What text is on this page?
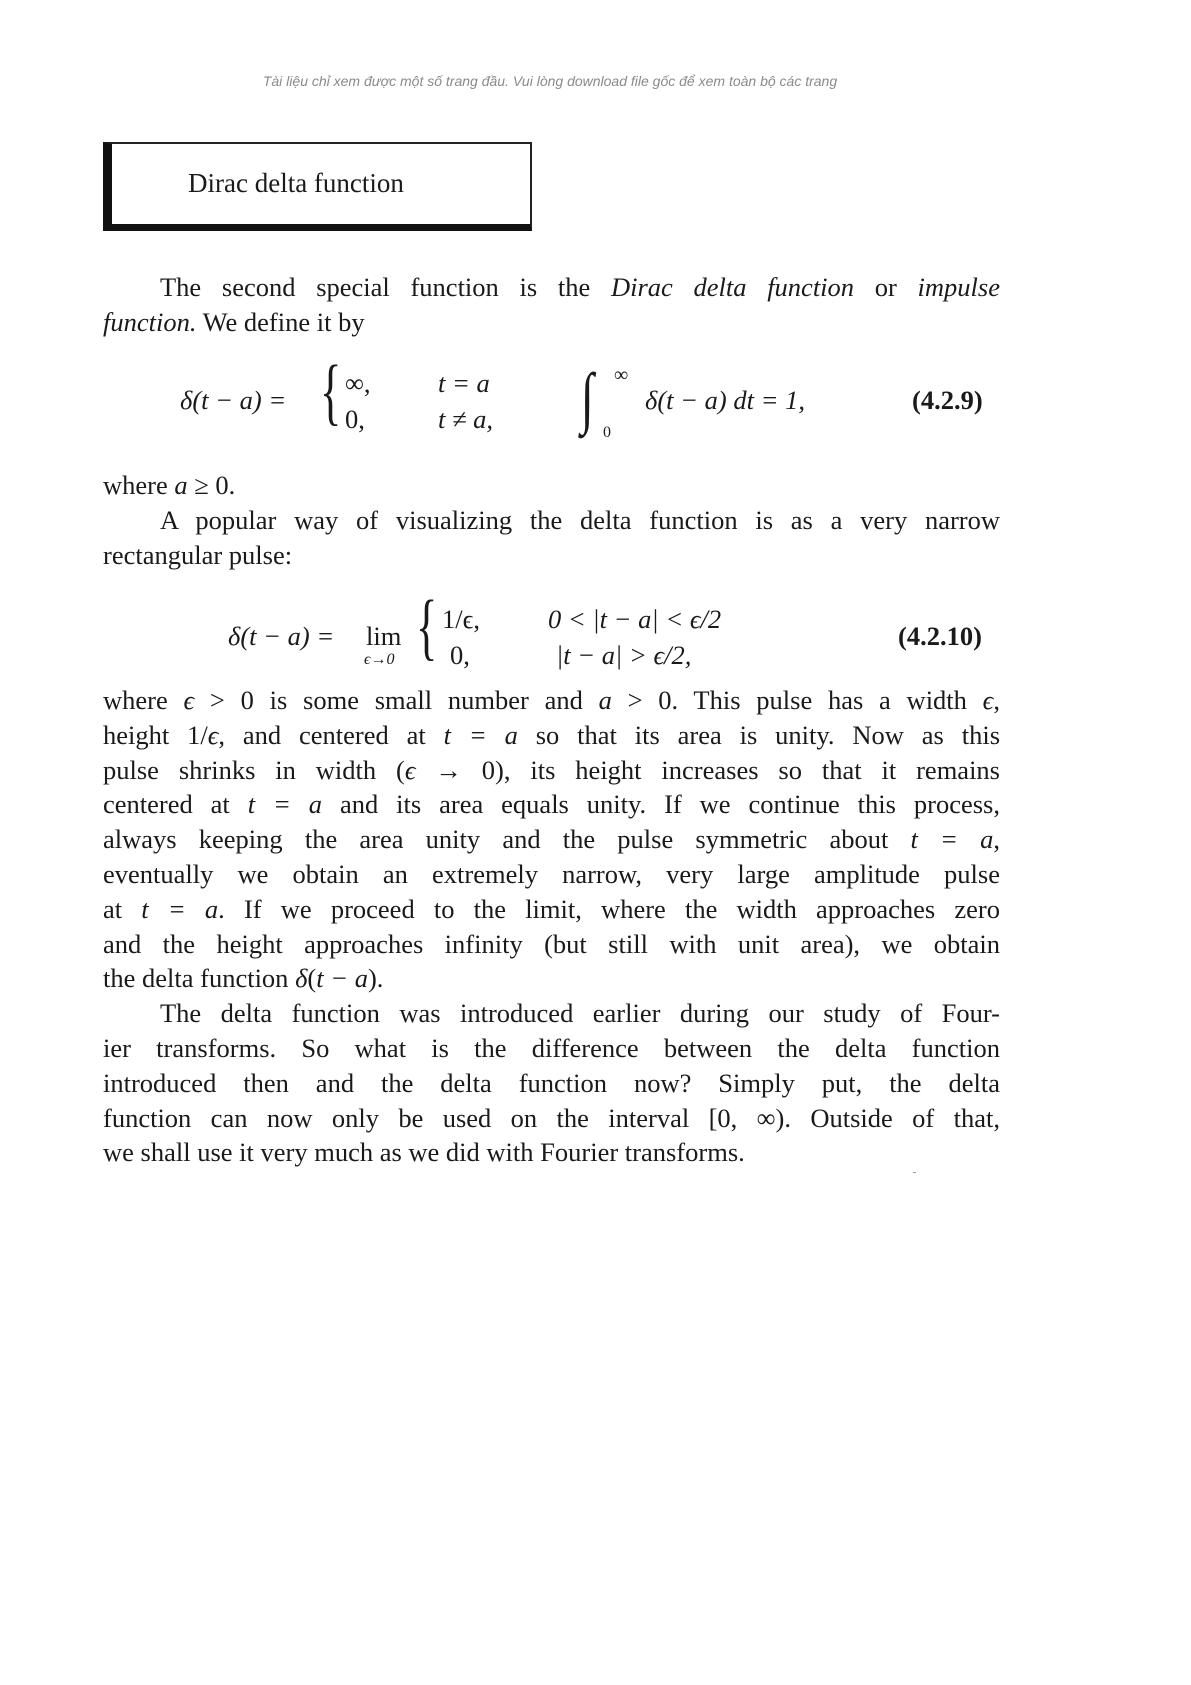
Tài liệu chỉ xem được một số trang đầu. Vui lòng download file gốc để xem toàn bộ các trang
Dirac delta function
The second special function is the Dirac delta function or impulse
function. We define it by
δ(t − a) = { ∞,	t = a
0,	t ≠ a, ∫ ∞
0
δ(t − a) dt = 1,	(4.2.9)
where a ≥ 0.
A popular way of visualizing the delta function is as a very narrow
rectangular pulse:
δ(t − a) = lim
ϵ→0 { 1/ϵ,	0 < |t − a| < ϵ/2
0,	|t − a| > ϵ/2,
(4.2.10)
where ϵ > 0 is some small number and a > 0. This pulse has a width ϵ,
height 1/ϵ, and centered at t = a so that its area is unity. Now as this
pulse shrinks in width (ϵ → 0), its height increases so that it remains
centered at t = a and its area equals unity. If we continue this process,
always keeping the area unity and the pulse symmetric about t = a,
eventually we obtain an extremely narrow, very large amplitude pulse
at t = a. If we proceed to the limit, where the width approaches zero
and the height approaches infinity (but still with unit area), we obtain
the delta function δ(t − a).
The delta function was introduced earlier during our study of Four-
ier transforms. So what is the difference between the delta function
introduced then and the delta function now? Simply put, the delta
function can now only be used on the interval [0, ∞). Outside of that,
we shall use it very much as we did with Fourier transforms.
